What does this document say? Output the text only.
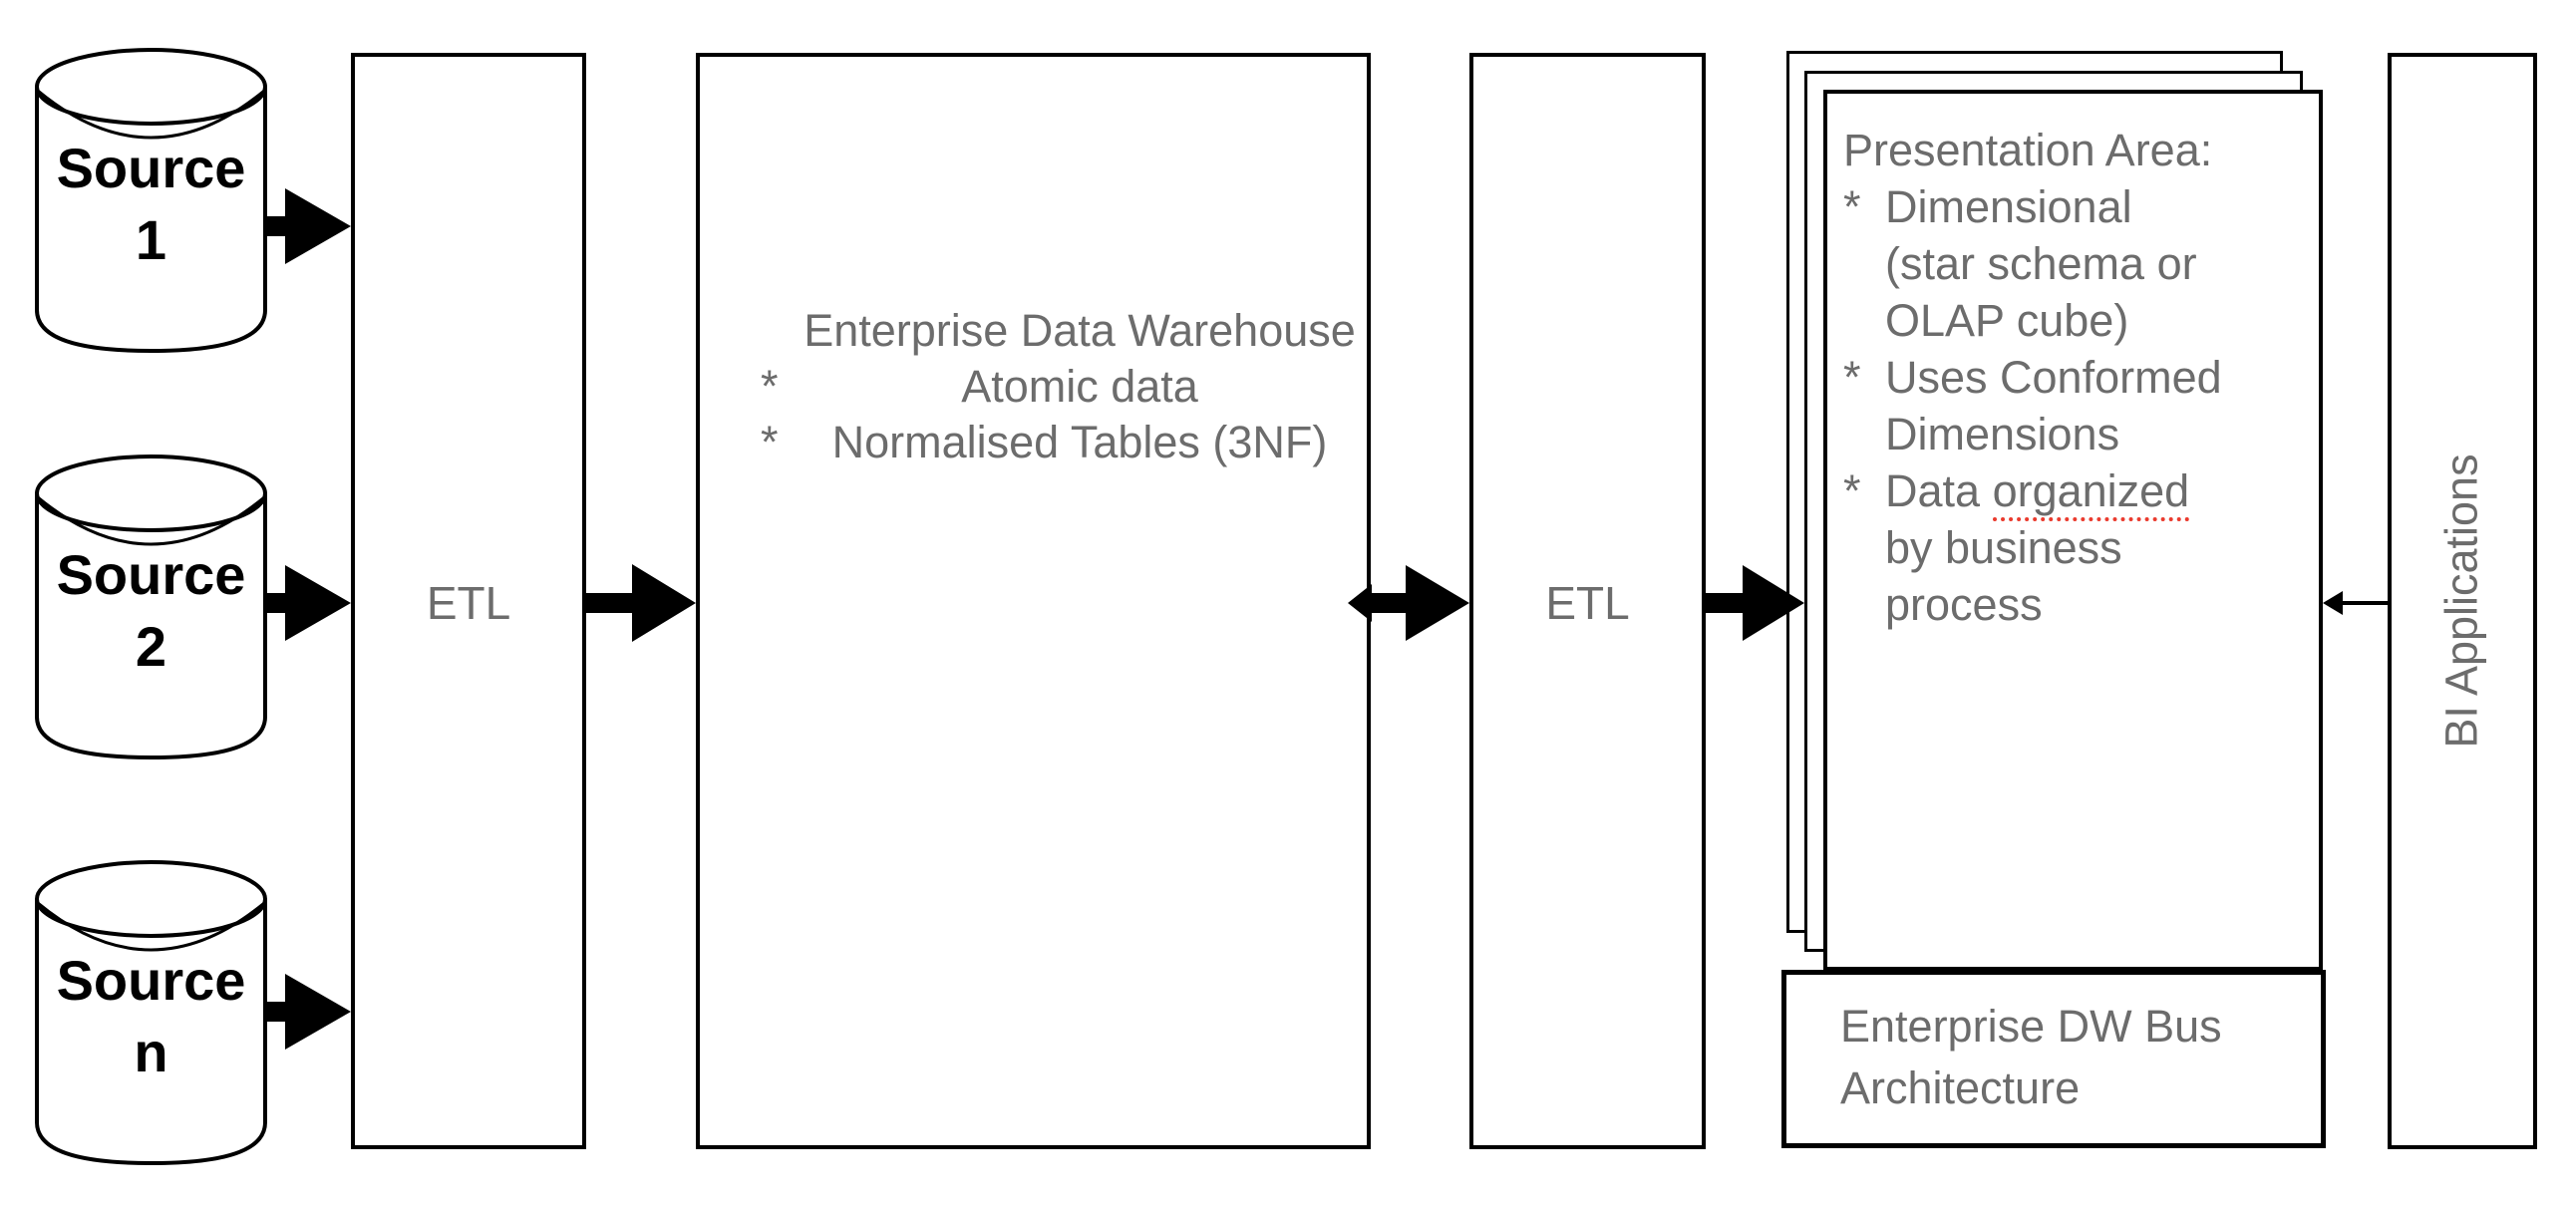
Source
1
Source
2
Source
n
ETL
Enterprise Data Warehouse
*	Atomic data
* Normalised Tables (3NF)
ETL
Presentation Area:
* Dimensional
(star schema or
OLAP cube)
* Uses Conformed
Dimensions
* Data organized
by business
process
Enterprise DW Bus
Architecture
BI Applications
